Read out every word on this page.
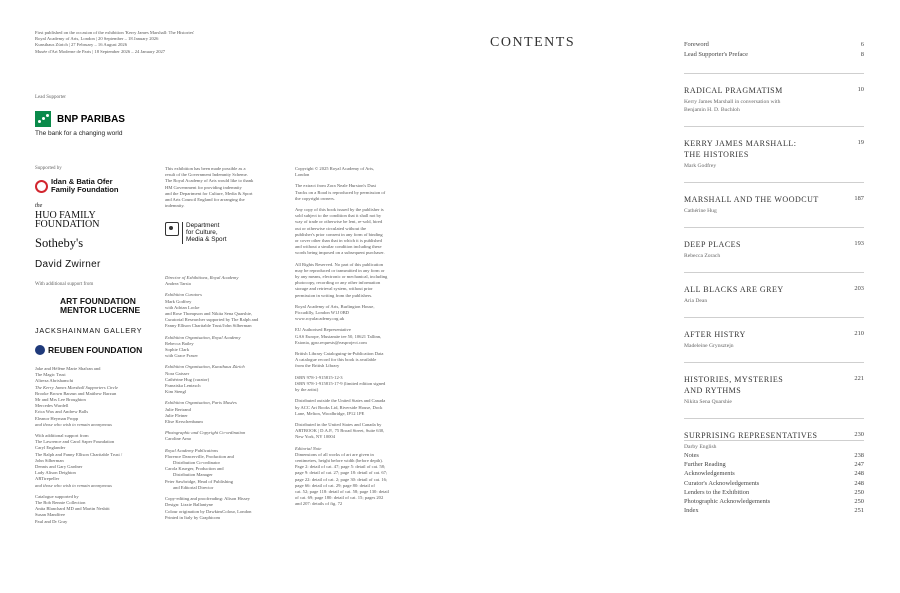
First published on the occasion of the exhibition 'Kerry James Marshall: The Histories'
Royal Academy of Arts, London | 20 September – 18 January 2026
Kunsthaus Zürich | 27 February – 16 August 2026
Musée d'Art Moderne de Paris | 18 September 2026 – 24 January 2027
Lead Supporter
BNP PARIBAS
The bank for a changing world
Supported by
Idan & Batia Ofer
Family Foundation
the
HUO FAMILY
FOUNDATION
Sotheby's
David Zwirner
With additional support from
ART FOUNDATION
MENTOR LUCERNE
JACKSHAINMAN GALLERY
REUBEN FOUNDATION
Jake and Hélène Marie Shafran and
The Magic Trust
Alireza Abrishamchi
The Kerry James Marshall Supporters Circle
Brooke Brown Barzun and Matthew Barzun
Mr and Mrs Lee Broughton
Mercedes Wardell
Erica Wax and Andrew Balls
Eleanor Heyman Propp
and those who wish to remain anonymous
With additional support from
The Lawrence and Carol Saper Foundation
Caryl Englander
The Ralph and Fanny Ellison Charitable Trust /
John Silberman
Dennis and Gary Gardner
Lady Alison Deighton
ARTtrepeller
and those who wish to remain anonymous
Catalogue supported by
The Bob Rennie Collection
Anita Blanchard MD and Martin Nesbitt
Susan Mandfree
Paul and Dr Gray
This exhibition has been made possible as a
result of the Government Indemnity Scheme.
The Royal Academy of Arts would like to thank
HM Government for providing indemnity
and the Department for Culture, Media & Sport
and Arts Council England for arranging the
indemnity.
Department
for Culture,
Media & Sport
Director of Exhibitions, Royal Academy
Andrea Tarsia
Exhibition Curators
Mark Godfrey
with Adrian Locke
and Rose Thompson and Nikita Sena Quarshie,
Curatorial Researcher supported by The Ralph and
Fanny Ellison Charitable Trust/John Silberman
Exhibition Organisation, Royal Academy
Rebecca Bailey
Sophie Clark
with Grace Fraser
Exhibition Organisation, Kunsthaus Zürich
Nora Gaisser
Cathérine Hug (curator)
Franziska Lentzsch
Kim Stengl
Exhibition Organisation, Paris Musées
Julie Bertrand
Julie Fleiner
Elise Kerschenbaum
Photographic and Copyright Co-ordination
Caroline Arno
Royal Academy Publications
Florence Dancerville, Production and
Distribution Co-ordinator
Carola Krueger, Production and
Distribution Manager
Peter Sawbridge, Head of Publishing
and Editorial Director
Copy-editing and proofreading: Alison Hissey
Design: Lizzie Ballantyne
Colour origination by DawkinsColour, London
Printed in Italy by Graphicom
Copyright © 2025 Royal Academy of Arts,
London
The extract from Zora Neale Hurston's Dust
Tracks on a Road is reproduced by permission of
the copyright owners.
Any copy of this book issued by the publisher is
sold subject to the condition that it shall not by
way of trade or otherwise be lent, re-sold, hired
out or otherwise circulated without the
publisher's prior consent in any form of binding
or cover other than that in which it is published
and without a similar condition including these
words being imposed on a subsequent purchaser.
All Rights Reserved. No part of this publication
may be reproduced or transmitted in any form or
by any means, electronic or mechanical, including
photocopy, recording or any other information
storage and retrieval system, without prior
permission in writing from the publishers.
Royal Academy of Arts, Burlington House,
Piccadilly, London W1J 0BD
www.royalacademy.org.uk
EU Authorised Representative
GAS Europe, Mustamäe tee 50, 10621 Tallinn,
Estonia, gpsr.requests@easproject.com
British Library Cataloguing-in-Publication Data
A catalogue record for this book is available
from the British Library
ISBN 978-1-915815-12-3
ISBN 978-1-915815-17-9 (limited edition signed
by the artist)
Distributed outside the United States and Canada
by ACC Art Books Ltd, Riverside House, Dock
Lane, Melton, Woodbridge, IP12 1PE
Distributed in the United States and Canada by
ARTBOOK | D.A.P., 75 Broad Street, Suite 630,
New York, NY 10004
Editorial Note
Dimensions of all works of art are given in
centimetres, height before width (before depth).
Page 2: detail of cat. 47; page 5: detail of cat. 58;
page 9: detail of cat. 27; page 18: detail of cat. 67;
page 22: detail of cat. 2; page 30: detail of cat. 16;
page 66: detail of cat. 29; page 80: detail of
cat. 52; page 118: detail of cat. 58; page 130: detail
of cat. 69; page 180: detail of cat. 15; pages 202
and 207: details of fig. 72
CONTENTS	Foreword	6
Lead Supporter's Preface	8
RADICAL PRAGMATISM	10
Kerry James Marshall in conversation with
Benjamin H. D. Buchloh
KERRY JAMES MARSHALL:	19
THE HISTORIES
Mark Godfrey
MARSHALL AND THE WOODCUT	187
Cathérine Hug
DEEP PLACES	193
Rebecca Zorach
ALL BLACKS ARE GREY	203
Aria Dean
AFTER HISTRY	210
Madeleine Grynsztejn
HISTORIES, MYSTERIES	221
AND RYTHMS
Nikita Sena Quarshie
SURPRISING REPRESENTATIVES	230
Darby English
Notes	238
Further Reading	247
Acknowledgements	248
Curator's Acknowledgements	248
Lenders to the Exhibition	250
Photographic Acknowledgements	250
Index	251
